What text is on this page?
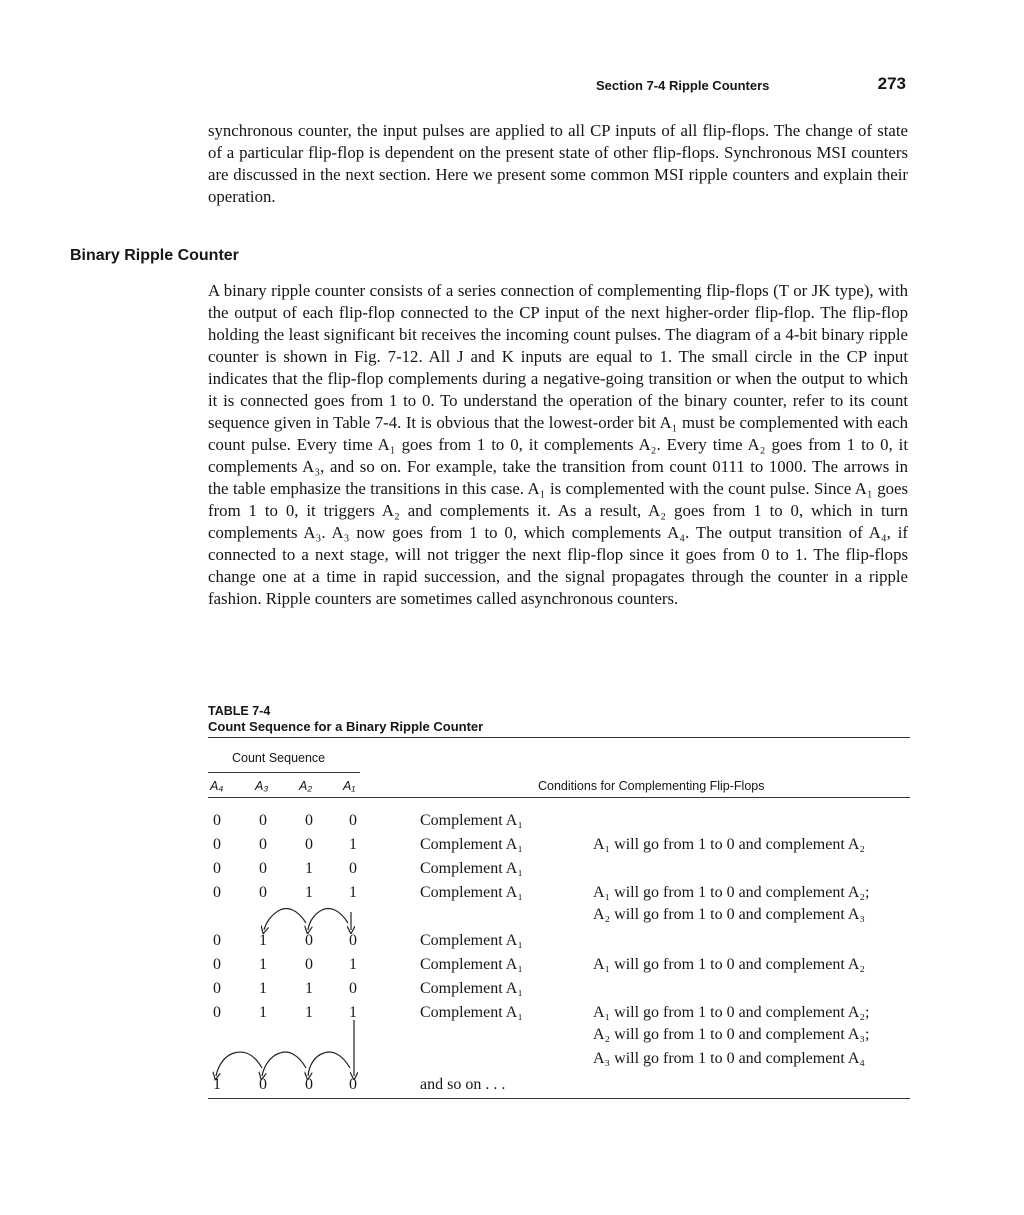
Section 7-4 Ripple Counters	273

synchronous counter, the input pulses are applied to all CP inputs of all flip-flops. The change of state of a particular flip-flop is dependent on the present state of other flip-flops. Synchronous MSI counters are discussed in the next section. Here we present some common MSI ripple counters and explain their operation.

Binary Ripple Counter

A binary ripple counter consists of a series connection of complementing flip-flops (T or JK type), with the output of each flip-flop connected to the CP input of the next higher-order flip-flop. The flip-flop holding the least significant bit receives the incoming count pulses. The diagram of a 4-bit binary ripple counter is shown in Fig. 7-12. All J and K inputs are equal to 1. The small circle in the CP input indicates that the flip-flop complements during a negative-going transition or when the output to which it is connected goes from 1 to 0. To understand the operation of the binary counter, refer to its count sequence given in Table 7-4. It is obvious that the lowest-order bit A₁ must be complemented with each count pulse. Every time A₁ goes from 1 to 0, it complements A₂. Every time A₂ goes from 1 to 0, it complements A₃, and so on. For example, take the transition from count 0111 to 1000. The arrows in the table emphasize the transitions in this case. A₁ is complemented with the count pulse. Since A₁ goes from 1 to 0, it triggers A₂ and complements it. As a result, A₂ goes from 1 to 0, which in turn complements A₃. A₃ now goes from 1 to 0, which complements A₄. The output transition of A₄, if connected to a next stage, will not trigger the next flip-flop since it goes from 0 to 1. The flip-flops change one at a time in rapid succession, and the signal propagates through the counter in a ripple fashion. Ripple counters are sometimes called asynchronous counters.

TABLE 7-4
Count Sequence for a Binary Ripple Counter
Count Sequence
A₄	A₃ A₂ A₁	Conditions for Complementing Flip-Flops
0 0 0 0	Complement A₁
0 0 0 1	Complement A₁	A₁ will go from 1 to 0 and complement A₂
0 0 1 0	Complement A₁
0 0 1 1	Complement A₁	A₁ will go from 1 to 0 and complement A₂;
A₂ will go from 1 to 0 and complement A₃
0 1 0 0	Complement A₁
0 1 0 1	Complement A₁	A₁ will go from 1 to 0 and complement A₂
0 1 1 0	Complement A₁
0 1 1 1	Complement A₁	A₁ will go from 1 to 0 and complement A₂;
A₂ will go from 1 to 0 and complement A₃;
A₃ will go from 1 to 0 and complement A₄
1 0 0 0	and so on . . .
